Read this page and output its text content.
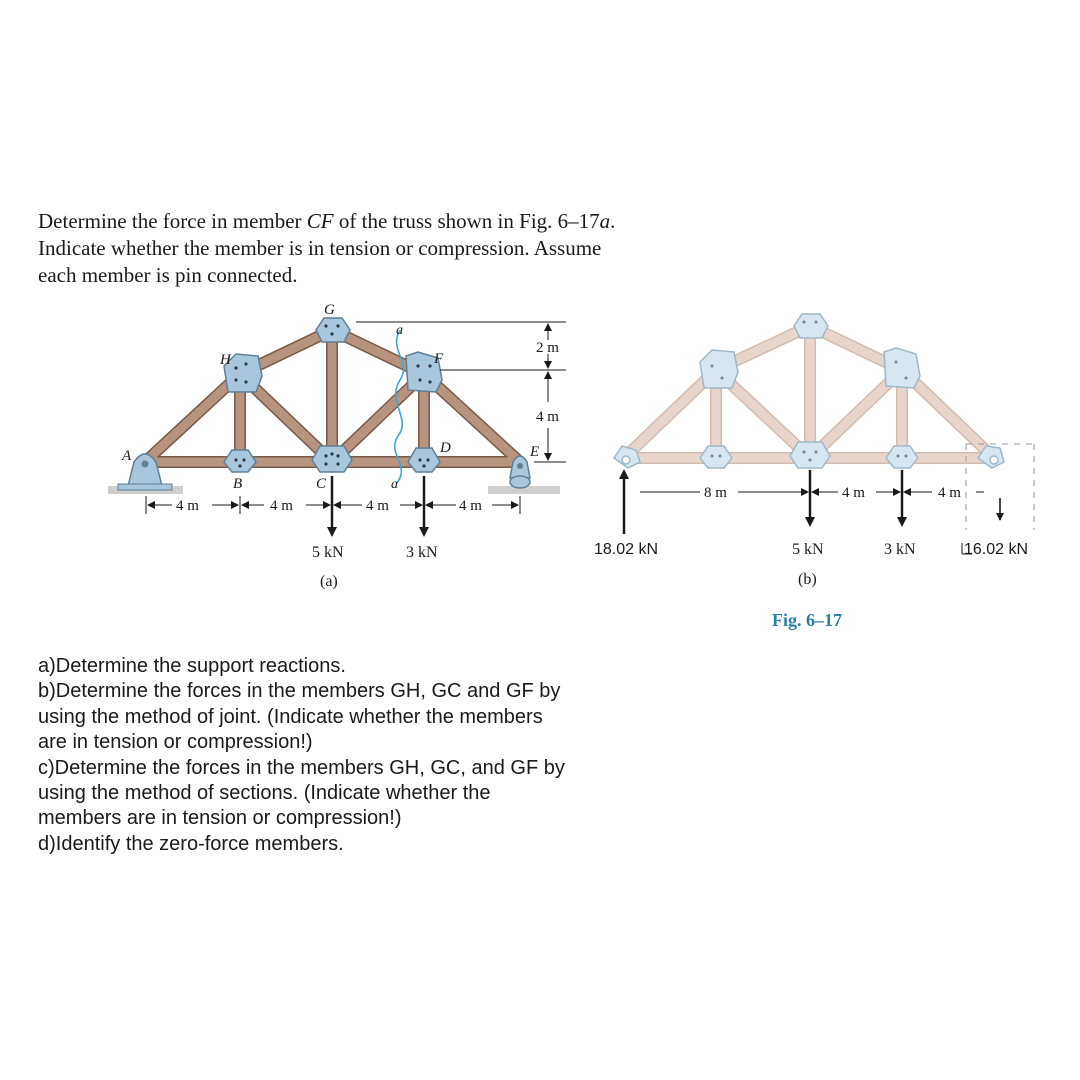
Determine the force in member CF of the truss shown in Fig. 6–17a.
Indicate whether the member is in tension or compression. Assume
each member is pin connected.
A
B	C
D	E
F
G
H
a
a
2 m
4 m
4 m	4 m	4 m	4 m
5 kN	3 kN
(a)
18.02 kN
8 m	4 m	4 m
5 kN	3 kN	16.02 kN
(b)
Fig. 6–17
a)Determine the support reactions.
b)Determine the forces in the members GH, GC and GF by
using the method of joint. (Indicate whether the members
are in tension or compression!)
c)Determine the forces in the members GH, GC, and GF by
using the method of sections. (Indicate whether the
members are in tension or compression!)
d)Identify the zero-force members.
